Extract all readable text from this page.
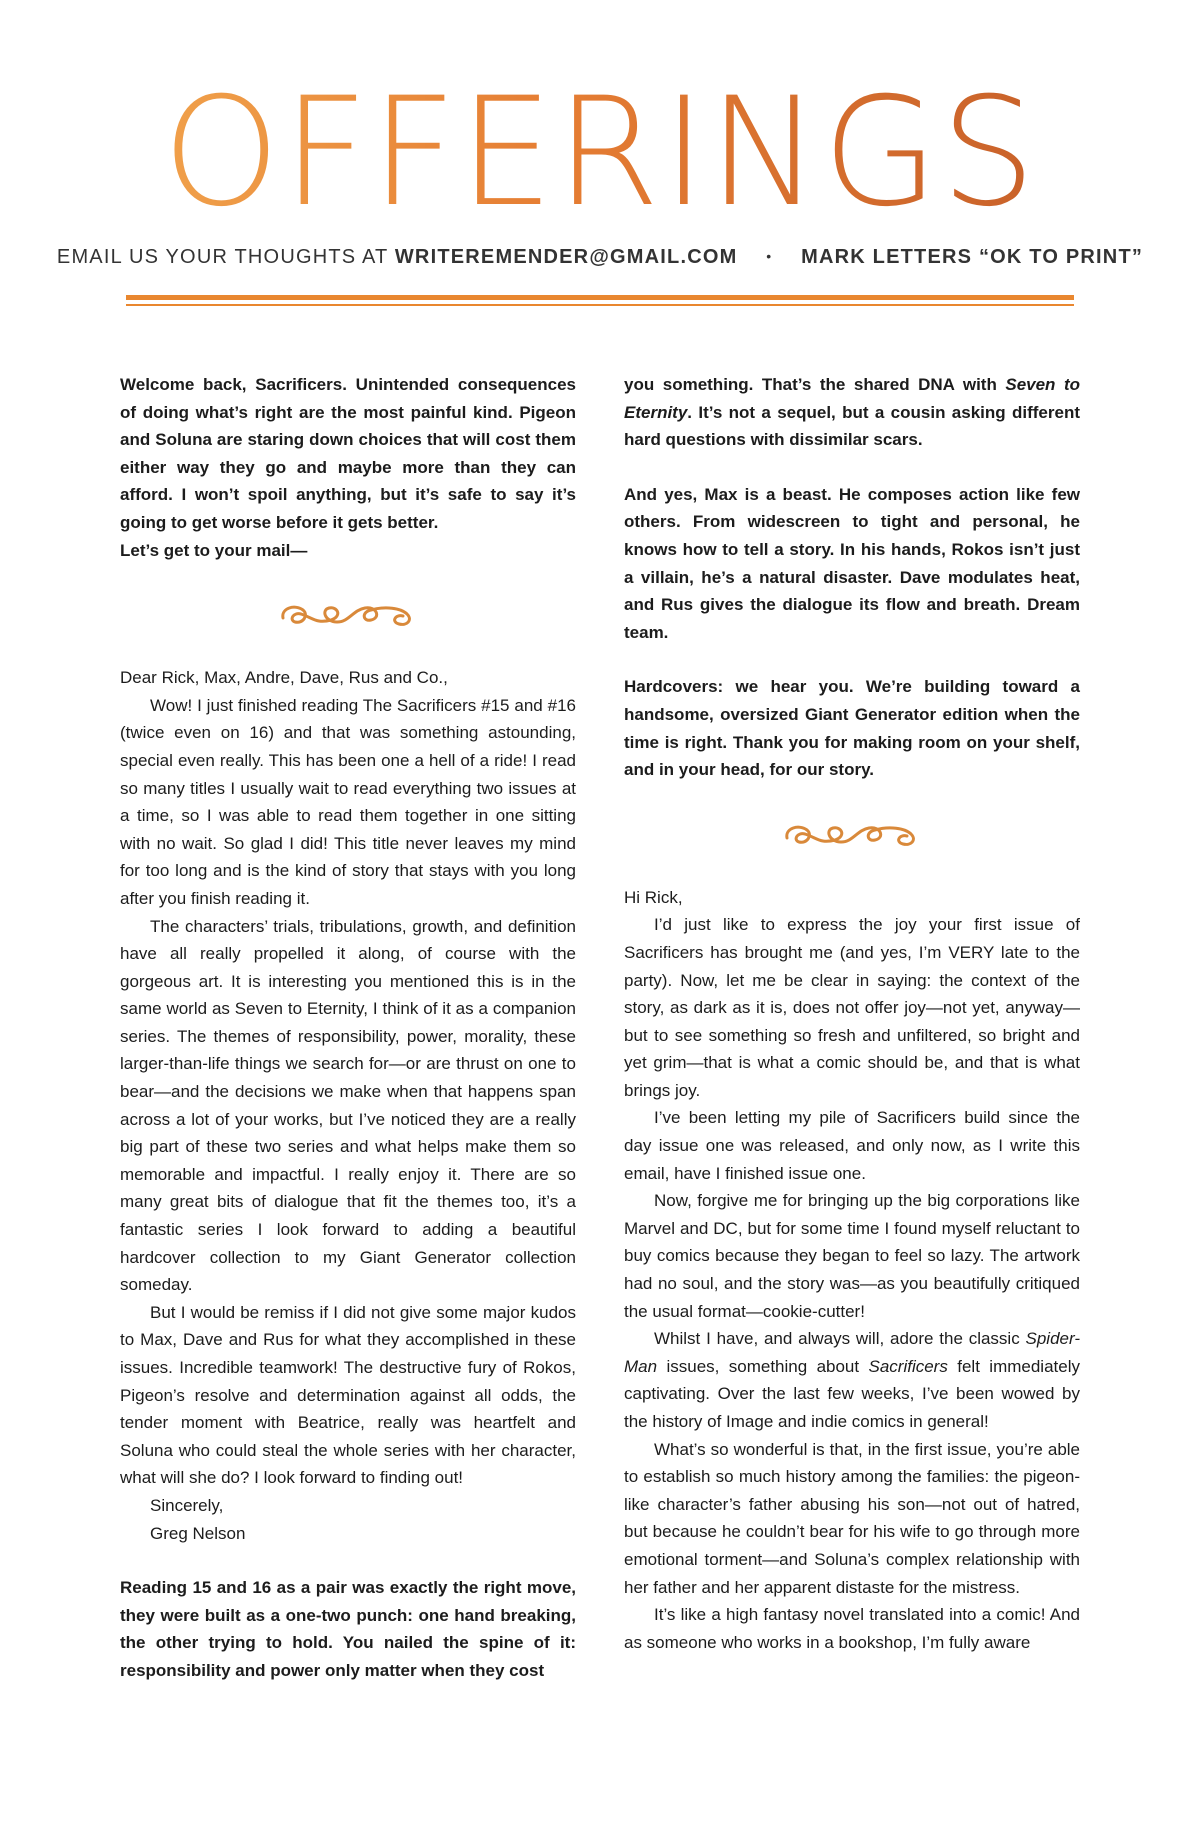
OFFERINGS
EMAIL US YOUR THOUGHTS AT WRITEREMENDER@GMAIL.COM • MARK LETTERS “OK TO PRINT”

Welcome back, Sacrificers. Unintended consequences of doing what’s right are the most painful kind. Pigeon and Soluna are staring down choices that will cost them either way they go and maybe more than they can afford. I won’t spoil anything, but it’s safe to say it’s going to get worse before it gets better.

Let’s get to your mail—

Dear Rick, Max, Andre, Dave, Rus and Co.,

Wow! I just finished reading The Sacrificers #15 and #16 (twice even on 16) and that was something astounding, special even really. This has been one a hell of a ride! I read so many titles I usually wait to read everything two issues at a time, so I was able to read them together in one sitting with no wait. So glad I did! This title never leaves my mind for too long and is the kind of story that stays with you long after you finish reading it.

The characters’ trials, tribulations, growth, and definition have all really propelled it along, of course with the gorgeous art. It is interesting you mentioned this is in the same world as Seven to Eternity, I think of it as a companion series. The themes of responsibility, power, morality, these larger-than-life things we search for—or are thrust on one to bear—and the decisions we make when that happens span across a lot of your works, but I’ve noticed they are a really big part of these two series and what helps make them so memorable and impactful. I really enjoy it. There are so many great bits of dialogue that fit the themes too, it’s a fantastic series I look forward to adding a beautiful hardcover collection to my Giant Generator collection someday.

But I would be remiss if I did not give some major kudos to Max, Dave and Rus for what they accomplished in these issues. Incredible teamwork! The destructive fury of Rokos, Pigeon’s resolve and determination against all odds, the tender moment with Beatrice, really was heartfelt and Soluna who could steal the whole series with her character, what will she do? I look forward to finding out!

Sincerely,

Greg Nelson

Reading 15 and 16 as a pair was exactly the right move, they were built as a one-two punch: one hand breaking, the other trying to hold. You nailed the spine of it: responsibility and power only matter when they cost

you something. That’s the shared DNA with Seven to Eternity. It’s not a sequel, but a cousin asking different hard questions with dissimilar scars.

And yes, Max is a beast. He composes action like few others. From widescreen to tight and personal, he knows how to tell a story. In his hands, Rokos isn’t just a villain, he’s a natural disaster. Dave modulates heat, and Rus gives the dialogue its flow and breath. Dream team.

Hardcovers: we hear you. We’re building toward a handsome, oversized Giant Generator edition when the time is right. Thank you for making room on your shelf, and in your head, for our story.

Hi Rick,

I’d just like to express the joy your first issue of Sacrificers has brought me (and yes, I’m VERY late to the party). Now, let me be clear in saying: the context of the story, as dark as it is, does not offer joy—not yet, anyway—but to see something so fresh and unfiltered, so bright and yet grim—that is what a comic should be, and that is what brings joy.

I’ve been letting my pile of Sacrificers build since the day issue one was released, and only now, as I write this email, have I finished issue one.

Now, forgive me for bringing up the big corporations like Marvel and DC, but for some time I found myself reluctant to buy comics because they began to feel so lazy. The artwork had no soul, and the story was—as you beautifully critiqued the usual format—cookie-cutter!

Whilst I have, and always will, adore the classic Spider-Man issues, something about Sacrificers felt immediately captivating. Over the last few weeks, I’ve been wowed by the history of Image and indie comics in general!

What’s so wonderful is that, in the first issue, you’re able to establish so much history among the families: the pigeon-like character’s father abusing his son—not out of hatred, but because he couldn’t bear for his wife to go through more emotional torment—and Soluna’s complex relationship with her father and her apparent distaste for the mistress.

It’s like a high fantasy novel translated into a comic! And as someone who works in a bookshop, I’m fully aware
